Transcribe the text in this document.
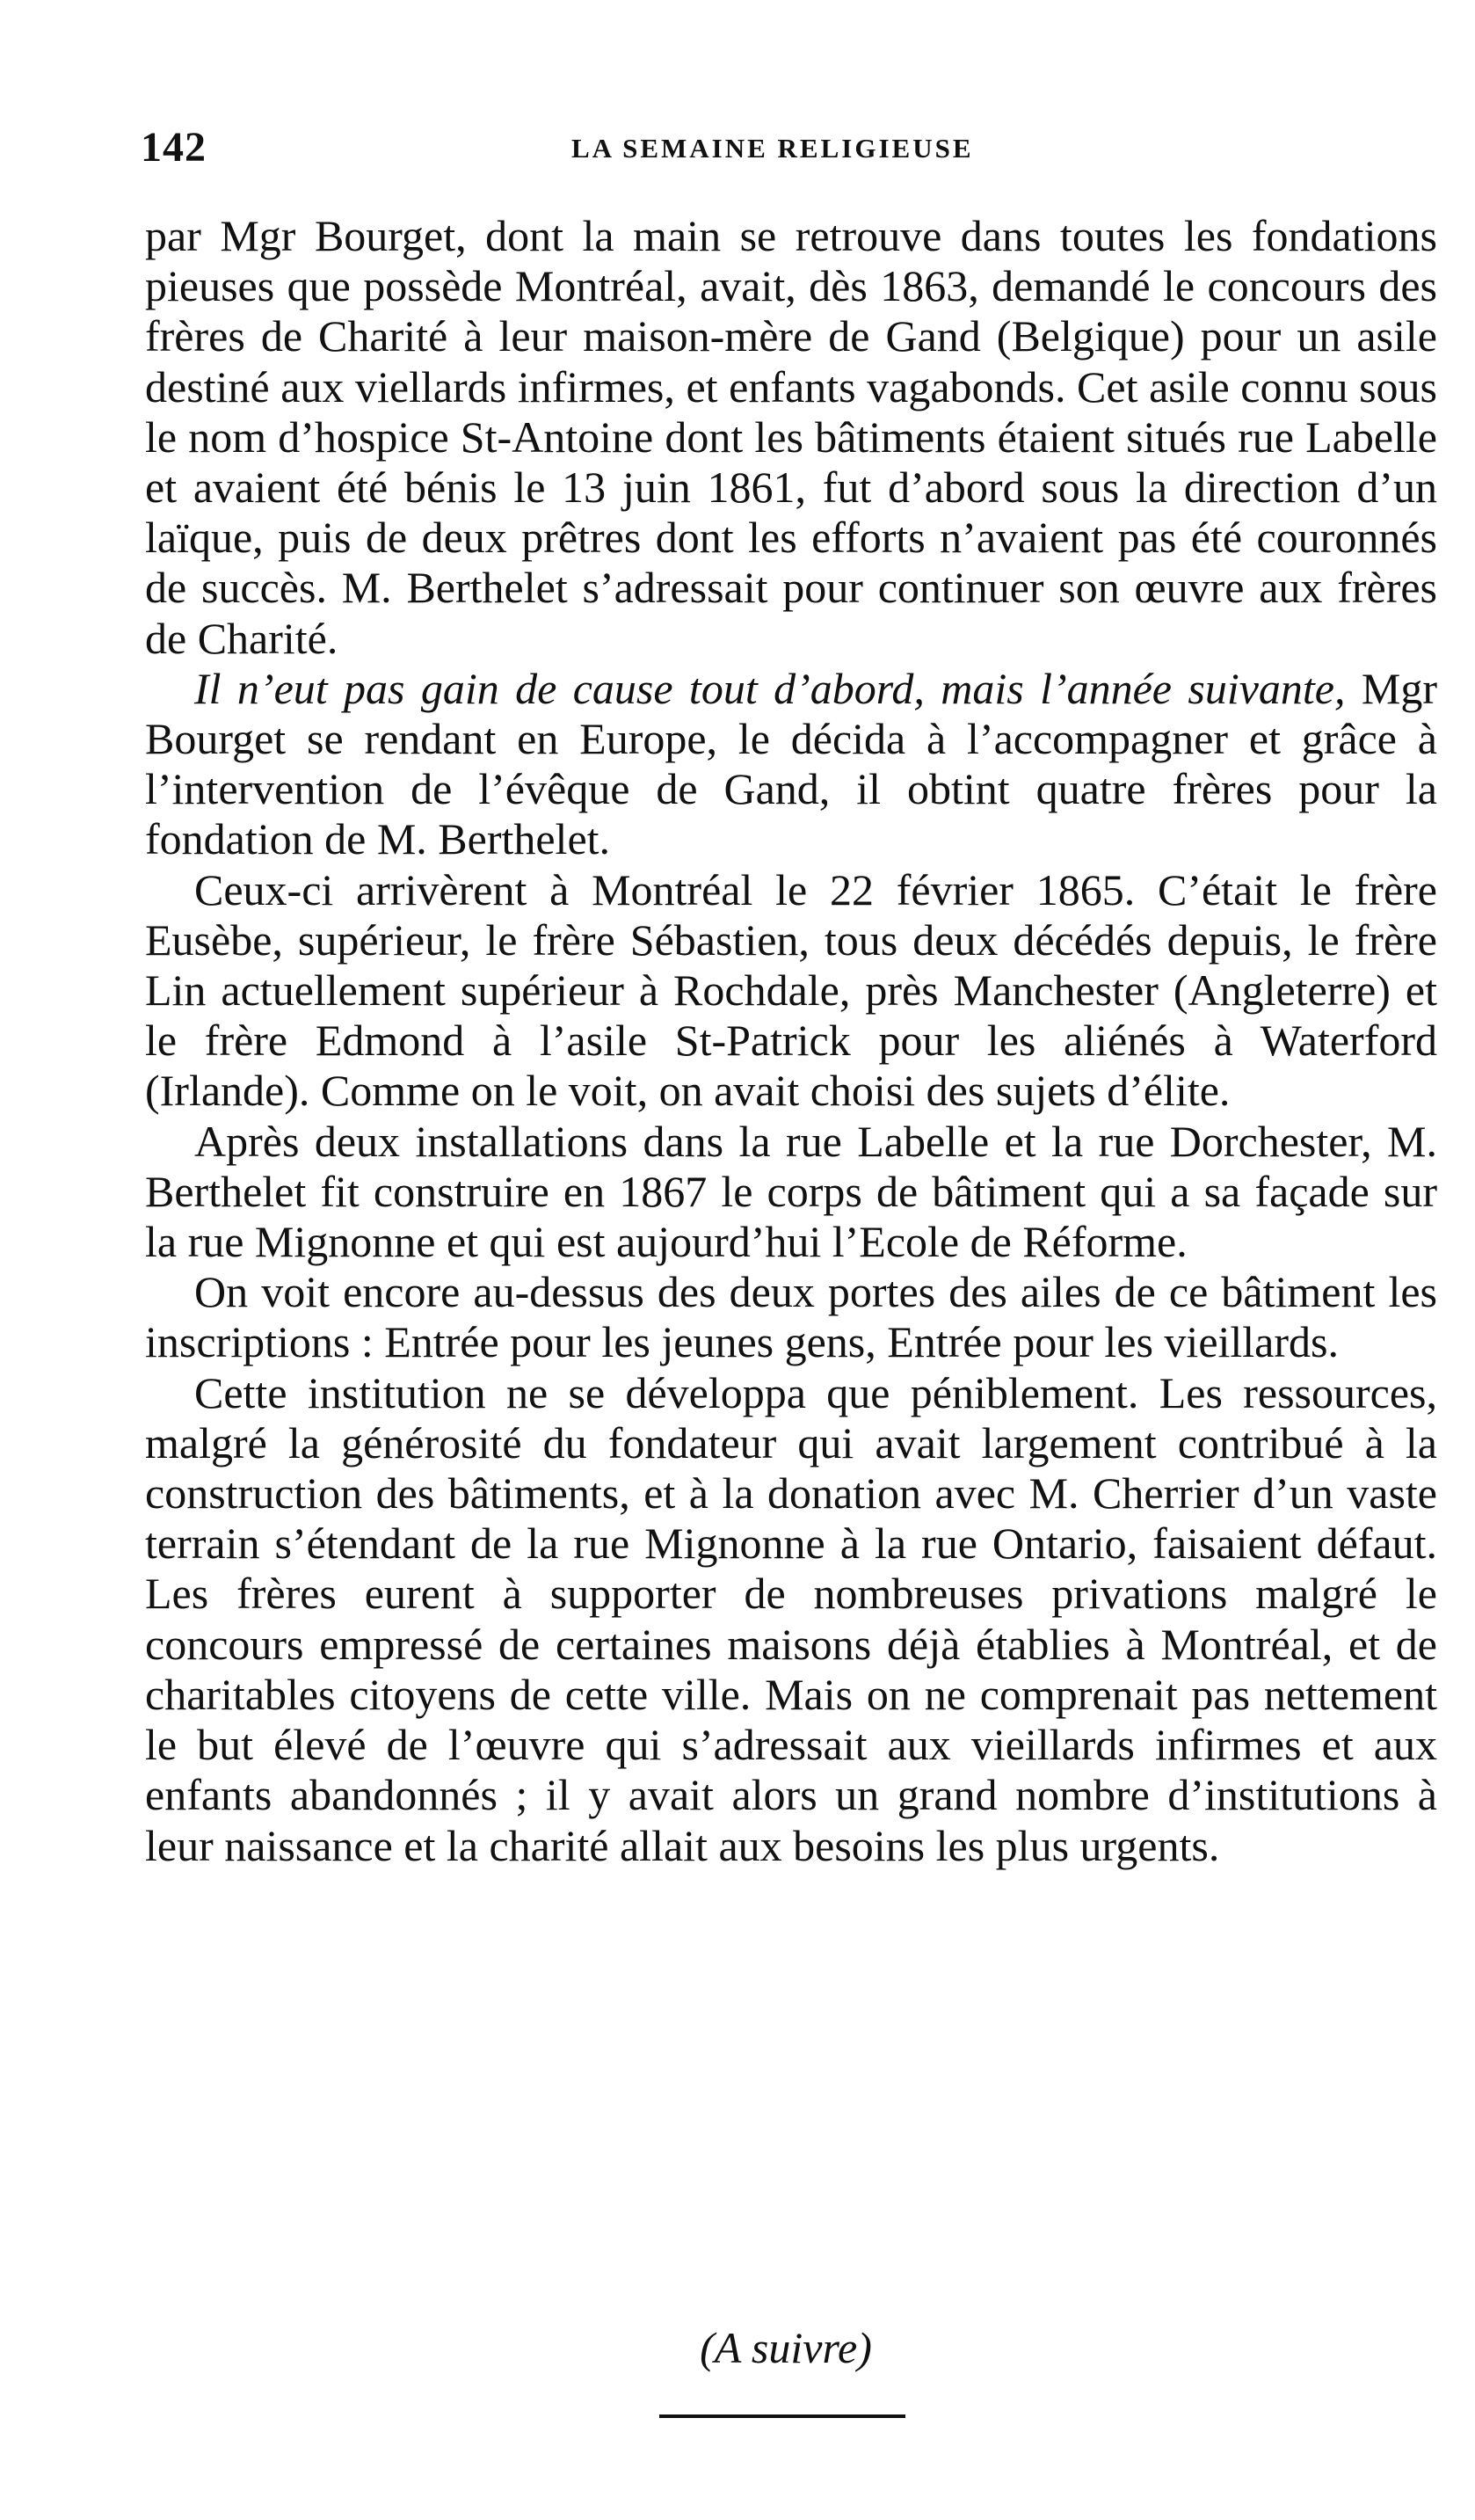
142	LA SEMAINE RELIGIEUSE

par Mgr Bourget, dont la main se retrouve dans toutes les fondations pieuses que possède Montréal, avait, dès 1863, demandé le concours des frères de Charité à leur maison-mère de Gand (Belgique) pour un asile destiné aux viellards infirmes, et enfants vagabonds. Cet asile connu sous le nom d’hospice St-Antoine dont les bâtiments étaient situés rue Labelle et avaient été bénis le 13 juin 1861, fut d’abord sous la direction d’un laïque, puis de deux prêtres dont les efforts n’avaient pas été couronnés de succès. M. Berthelet s’adressait pour continuer son œuvre aux frères de Charité.

Il n’eut pas gain de cause tout d’abord, mais l’année suivante, Mgr Bourget se rendant en Europe, le décida à l’accompagner et grâce à l’intervention de l’évêque de Gand, il obtint quatre frères pour la fondation de M. Berthelet.

Ceux-ci arrivèrent à Montréal le 22 février 1865. C’était le frère Eusèbe, supérieur, le frère Sébastien, tous deux décédés depuis, le frère Lin actuellement supérieur à Rochdale, près Manchester (Angleterre) et le frère Edmond à l’asile St-Patrick pour les aliénés à Waterford (Irlande). Comme on le voit, on avait choisi des sujets d’élite.

Après deux installations dans la rue Labelle et la rue Dorchester, M. Berthelet fit construire en 1867 le corps de bâtiment qui a sa façade sur la rue Mignonne et qui est aujourd’hui l’Ecole de Réforme.

On voit encore au-dessus des deux portes des ailes de ce bâtiment les inscriptions : Entrée pour les jeunes gens, Entrée pour les vieillards.

Cette institution ne se développa que péniblement. Les ressources, malgré la générosité du fondateur qui avait largement contribué à la construction des bâtiments, et à la donation avec M. Cherrier d’un vaste terrain s’étendant de la rue Mignonne à la rue Ontario, faisaient défaut. Les frères eurent à supporter de nombreuses privations malgré le concours empressé de certaines maisons déjà établies à Montréal, et de charitables citoyens de cette ville. Mais on ne comprenait pas nettement le but élevé de l’œuvre qui s’adressait aux vieillards infirmes et aux enfants abandonnés ; il y avait alors un grand nombre d’institutions à leur naissance et la charité allait aux besoins les plus urgents.

(A suivre)
